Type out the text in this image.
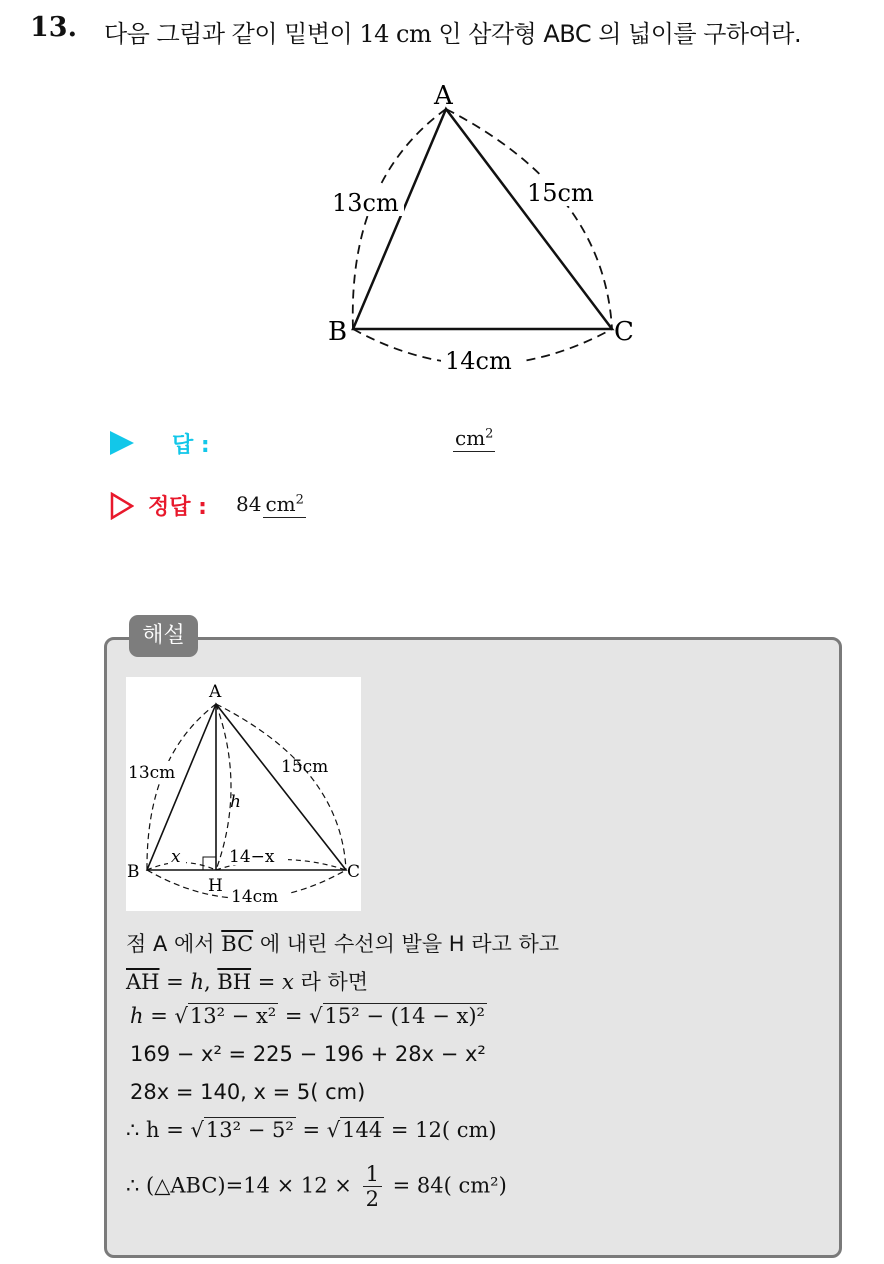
13. 다음 그림과 같이 밑변이 14 cm 인 삼각형 ABC 의 넓이를 구하여라.
A
B	C
13cm	15cm
14cm
답 :	$cm^2$
정답 : 84 $cm^2$
해설
A
B	C
H
13cm	15cm
h
x	14−x
14cm
점 A 에서 $\overline{BC}$ 에 내린 수선의 발을 H 라고 하고
$\overline{AH} = h$, $\overline{BH} = x$ 라 하면
h = √13² − x² = √15² − (14 − x)²
169 − x² = 225 − 196 + 28x − x²
28x = 140, x = 5( cm)
∴ h = √13² − 5² = √144 = 12( cm)
∴ (△ABC)=14 × $12 \times \frac{1}{2} = 84$( cm²)
